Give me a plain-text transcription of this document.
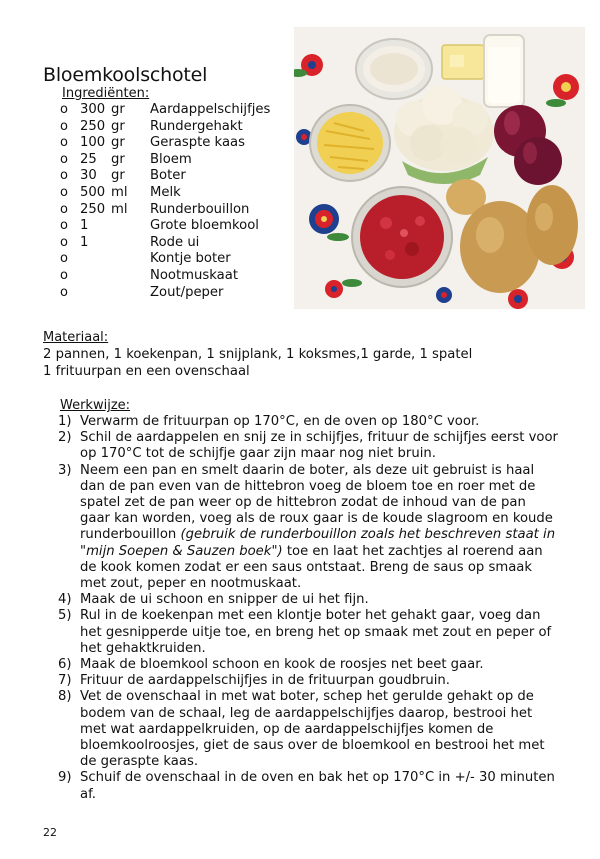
Bloemkoolschotel

Ingrediënten:

o 300 gr	Aardappelschijfjes
o 250 gr	Rundergehakt
o 100 gr	Geraspte kaas
o 25	gr	Bloem
o 30	gr	Boter
o 500 ml	Melk
o 250 ml	Runderbouillon
o 1	Grote bloemkool
o 1	Rode ui
o	Kontje boter
o	Nootmuskaat
o	Zout/peper

Materiaal:

2 pannen, 1 koekenpan, 1 snijplank, 1 koksmes,1 garde, 1 spatel

1 frituurpan en een ovenschaal

Werkwijze:

1) Verwarm de frituurpan op 170°C, en de oven op 180°C voor.
2) Schil de aardappelen en snij ze in schijfjes, frituur de schijfjes eerst voor op 170°C tot de schijfje gaar zijn maar nog niet bruin.
3) Neem een pan en smelt daarin de boter, als deze uit gebruist is haal dan de pan even van de hittebron voeg de bloem toe en roer met de spatel zet de pan weer op de hittebron zodat de inhoud van de pan gaar kan worden, voeg als de roux gaar is de koude slagroom en koude runderbouillon (gebruik de runderbouillon zoals het beschreven staat in "mijn Soepen & Sauzen boek") toe en laat het zachtjes al roerend aan de kook komen zodat er een saus ontstaat. Breng de saus op smaak met zout, peper en nootmuskaat.
4) Maak de ui schoon en snipper de ui het fijn.
5) Rul in de koekenpan met een klontje boter het gehakt gaar, voeg dan het gesnipperde uitje toe, en breng het op smaak met zout en peper of het gehaktkruiden.
6) Maak de bloemkool schoon en kook de roosjes net beet gaar.
7) Frituur de aardappelschijfjes in de frituurpan goudbruin.
8) Vet de ovenschaal in met wat boter, schep het gerulde gehakt op de bodem van de schaal, leg de aardappelschijfjes daarop, bestrooi het met wat aardappelkruiden, op de aardappelschijfjes komen de bloemkoolroosjes, giet de saus over de bloemkool en bestrooi het met de geraspte kaas.
9) Schuif de ovenschaal in de oven en bak het op 170°C in +/- 30 minuten af.

22
